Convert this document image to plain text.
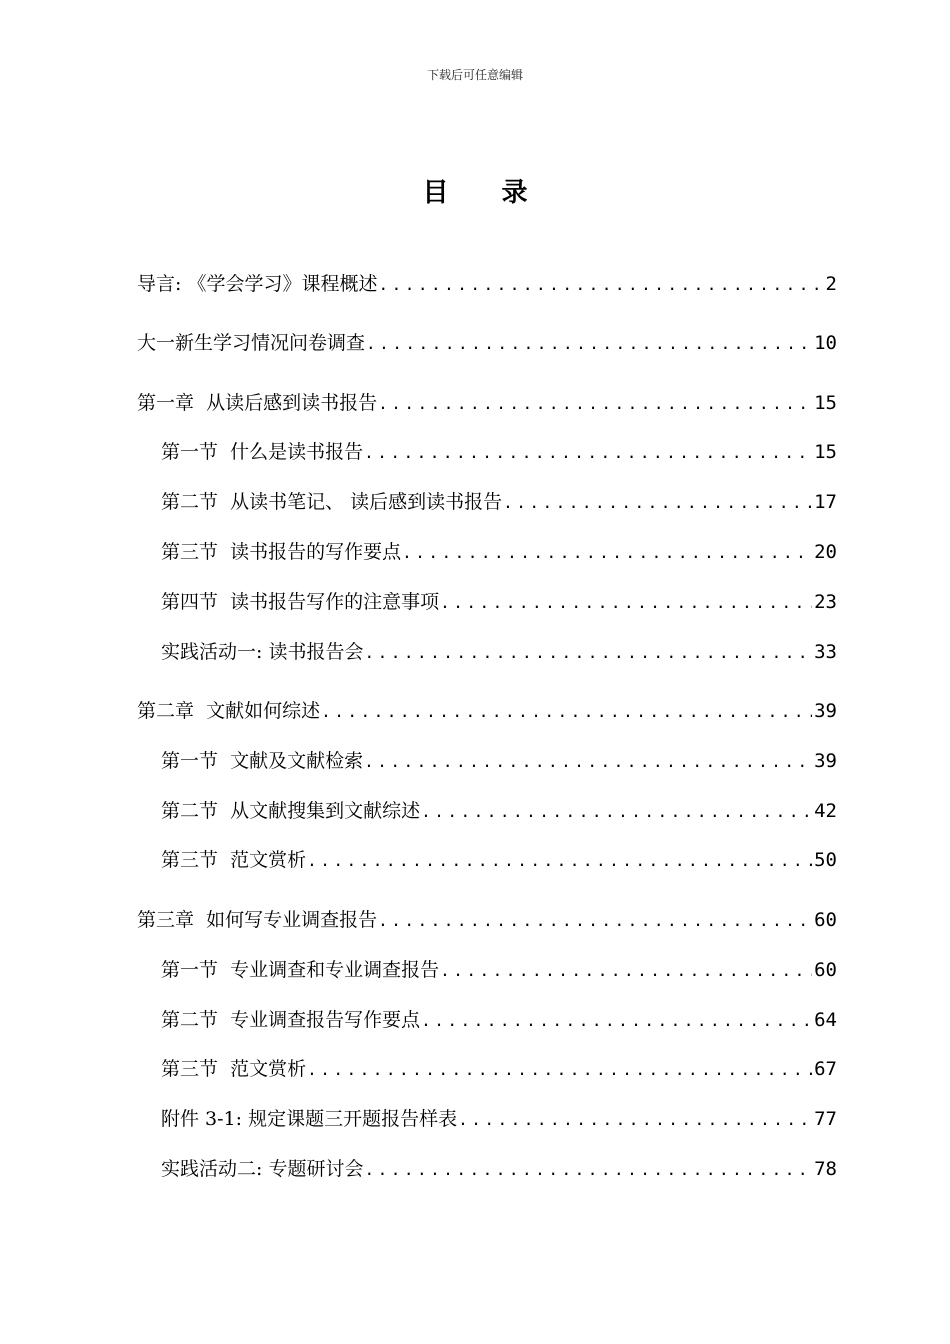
下载后可任意编辑
目 录
导言: 《学会学习》课程概述 .....	2
大一新生学习情况问卷调查 .....	10
第一章  从读后感到读书报告 .....	15
第一节  什么是读书报告 .....	15
第二节  从读书笔记、 读后感到读书报告 .....	17
第三节  读书报告的写作要点 .....	20
第四节  读书报告写作的注意事项 .....	23
实践活动一: 读书报告会 .....	33
第二章  文献如何综述 .....	39
第一节  文献及文献检索 .....	39
第二节  从文献搜集到文献综述 .....	42
第三节  范文赏析 .....	50
第三章  如何写专业调查报告 .....	60
第一节  专业调查和专业调查报告 .....	60
第二节  专业调查报告写作要点 .....	64
第三节  范文赏析 .....	67
附件 3-1: 规定课题三开题报告样表 .....	77
实践活动二: 专题研讨会 .....	78
